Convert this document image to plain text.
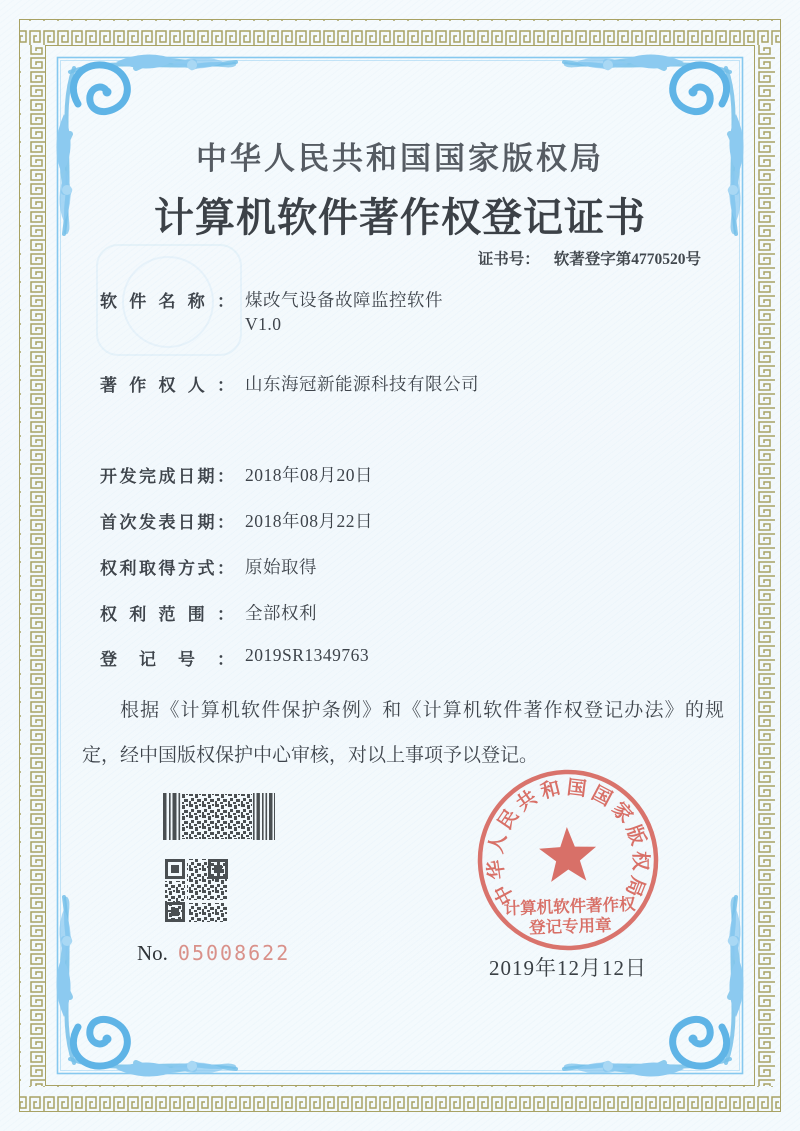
中华人民共和国国家版权局
计算机软件著作权登记证书
证书号： 软著登字第4770520号
软件名称： 煤改气设备故障监控软件
V1.0
著作权人： 山东海冠新能源科技有限公司
开发完成日期： 2018年08月20日
首次发表日期： 2018年08月22日
权利取得方式： 原始取得
权利范围： 全部权利
登记号： 2019SR1349763
根据《计算机软件保护条例》和《计算机软件著作权登记办法》的规定，经中国版权保护中心审核，对以上事项予以登记。
No. 05008622
中华人民共和国国家版权局
计算机软件著作权
登记专用章
2019年12月12日
